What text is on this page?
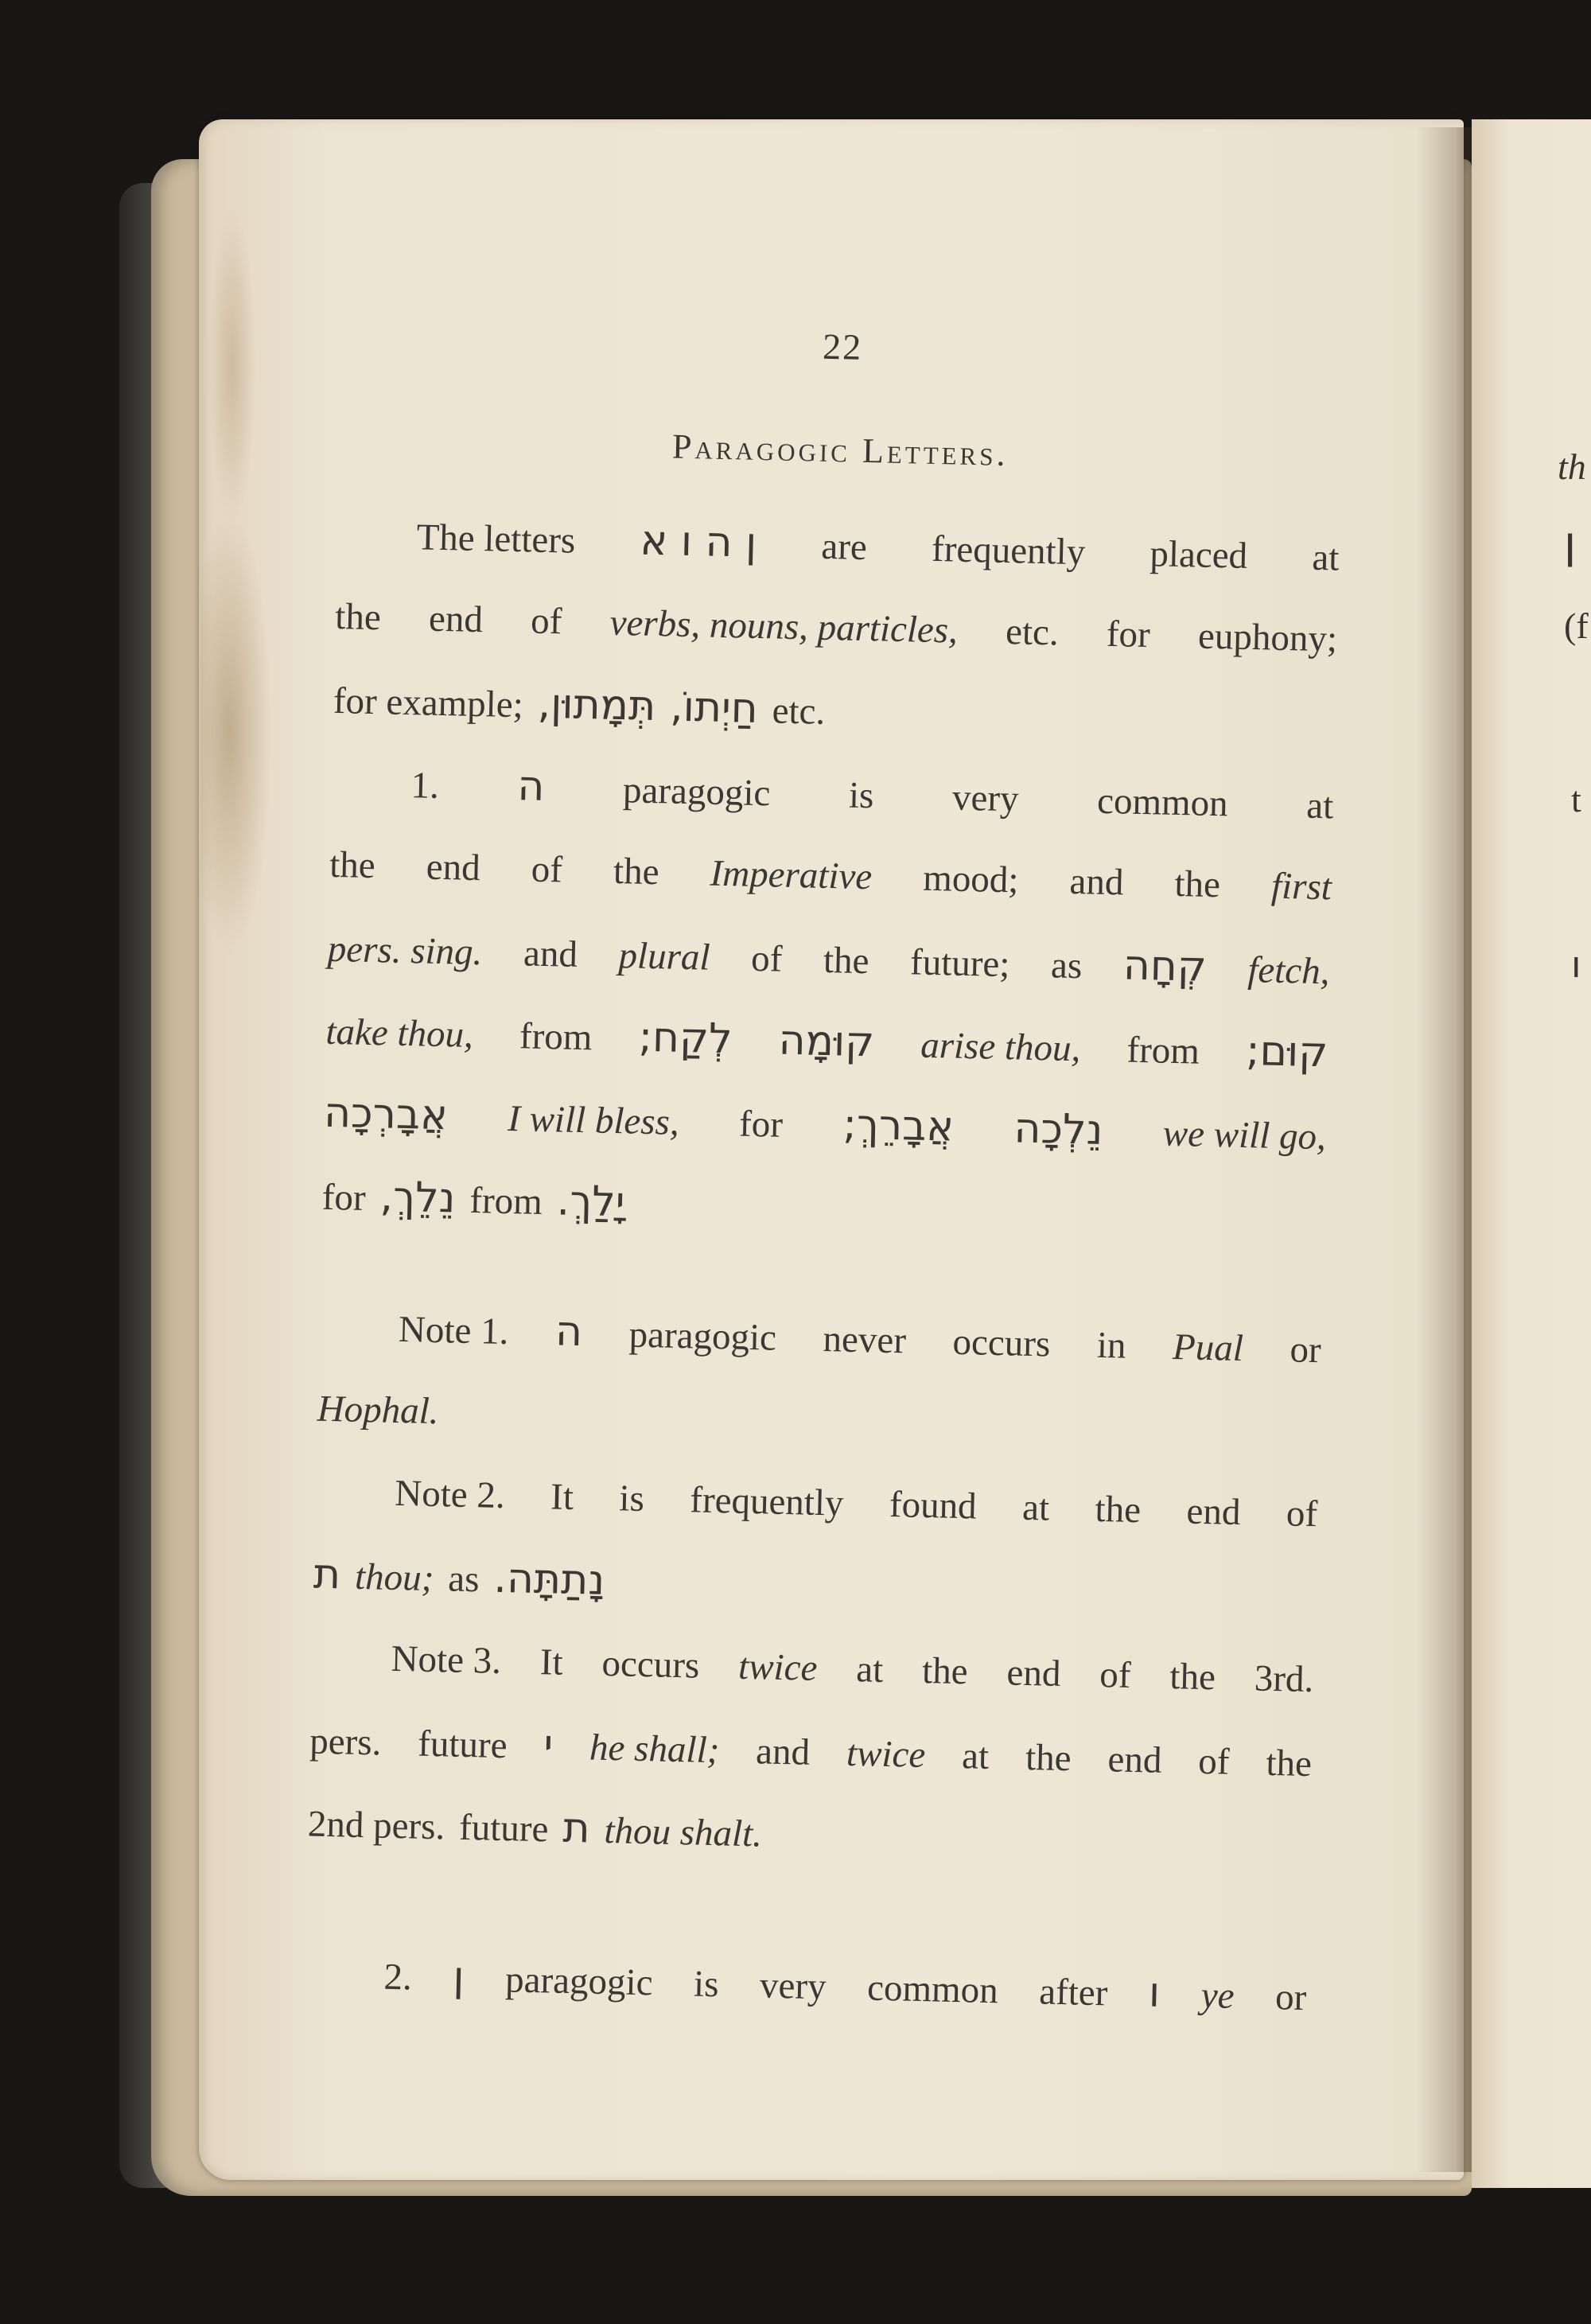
th
ן
(f
t
ו
22
Paragogic Letters.
The letters ן ה ו א are frequently placed at
the end of verbs, nouns, particles, etc. for euphony;
for example; תְּמָתוּן, חַיְתוֹ, etc.
1. ה paragogic is very common at
the end of the Imperative mood; and the first
pers. sing. and plural of the future; as קְחָה fetch,
take thou, from לְקַח; קוּמָה arise thou, from קוּם;
אֲבָרְכָה I will bless, for אֲבָרֵךְ; נֵלְכָה we will go,
for נֵלֵךְ, from יָלַךְ.
Note 1. ה paragogic never occurs in Pual or
Hophal.
Note 2. It is frequently found at the end of
ת thou; as נָתַתָּה.
Note 3. It occurs twice at the end of the 3rd.
pers. future י he shall; and twice at the end of the
2nd pers. future ת thou shalt.
2. ן paragogic is very common after ו ye or
